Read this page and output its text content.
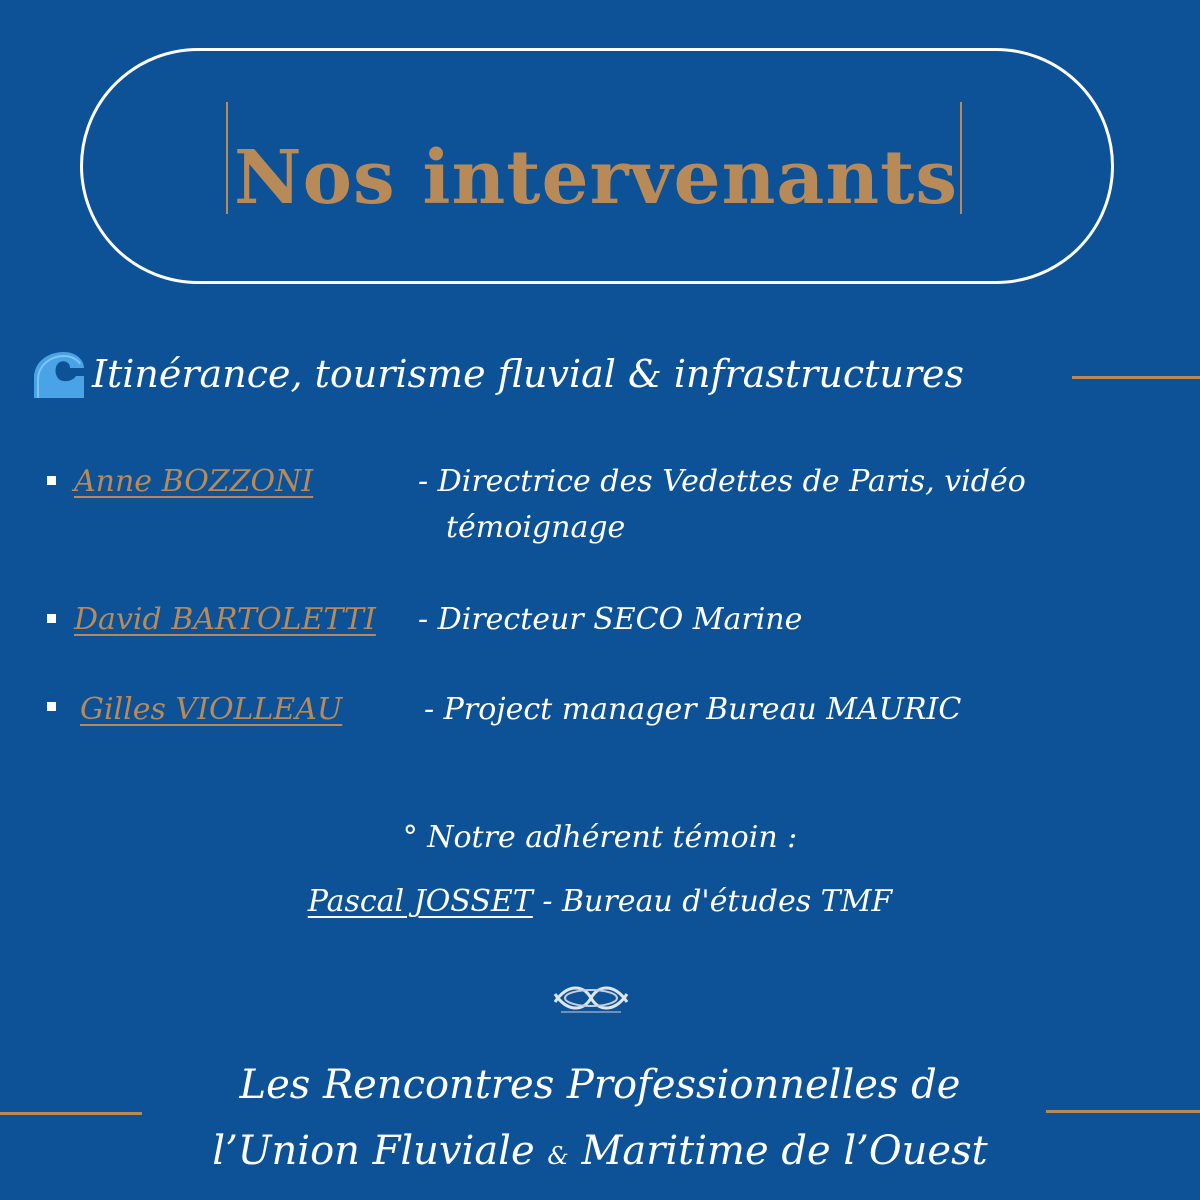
Nos intervenants
Itinérance, tourisme fluvial & infrastructures
Anne BOZZONI	- Directrice des Vedettes de Paris, vidéo
témoignage
David BARTOLETTI - Directeur SECO Marine
Gilles VIOLLEAU	- Project manager Bureau MAURIC
° Notre adhérent témoin :
Pascal JOSSET - Bureau d'études TMF
Les Rencontres Professionnelles de
l’Union Fluviale & Maritime de l’Ouest
